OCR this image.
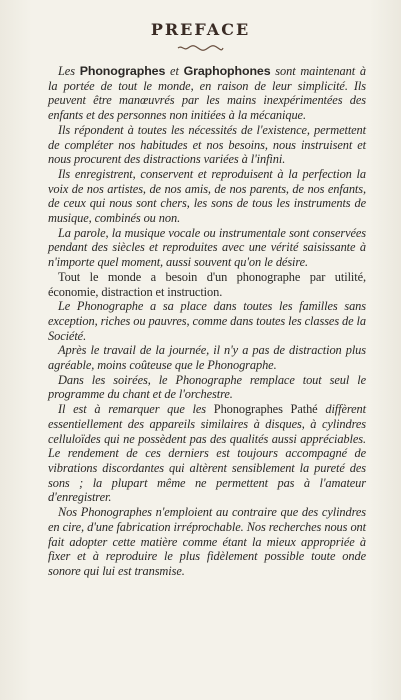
PREFACE

Les Phonographes et Graphophones sont maintenant à la portée de tout le monde, en raison de leur simplicité. Ils peuvent être manœuvrés par les mains inexpérimentées des enfants et des personnes non initiées à la mécanique.

Ils répondent à toutes les nécessités de l'existence, permettent de compléter nos habitudes et nos besoins, nous instruisent et nous procurent des distractions variées à l'infini.

Ils enregistrent, conservent et reproduisent à la perfection la voix de nos artistes, de nos amis, de nos parents, de nos enfants, de ceux qui nous sont chers, les sons de tous les instruments de musique, combinés ou non.

La parole, la musique vocale ou instrumentale sont conservées pendant des siècles et reproduites avec une vérité saisissante à n'importe quel moment, aussi souvent qu'on le désire.

Tout le monde a besoin d'un phonographe par utilité, économie, distraction et instruction.

Le Phonographe a sa place dans toutes les familles sans exception, riches ou pauvres, comme dans toutes les classes de la Société.

Après le travail de la journée, il n'y a pas de distraction plus agréable, moins coûteuse que le Phonographe.

Dans les soirées, le Phonographe remplace tout seul le programme du chant et de l'orchestre.

Il est à remarquer que les Phonographes Pathé diffèrent essentiellement des appareils similaires à disques, à cylindres celluloïdes qui ne possèdent pas des qualités aussi appréciables. Le rendement de ces derniers est toujours accompagné de vibrations discordantes qui altèrent sensiblement la pureté des sons ; la plupart même ne permettent pas à l'amateur d'enregistrer.

Nos Phonographes n'emploient au contraire que des cylindres en cire, d'une fabrication irréprochable. Nos recherches nous ont fait adopter cette matière comme étant la mieux appropriée à fixer et à reproduire le plus fidèlement possible toute onde sonore qui lui est transmise.
